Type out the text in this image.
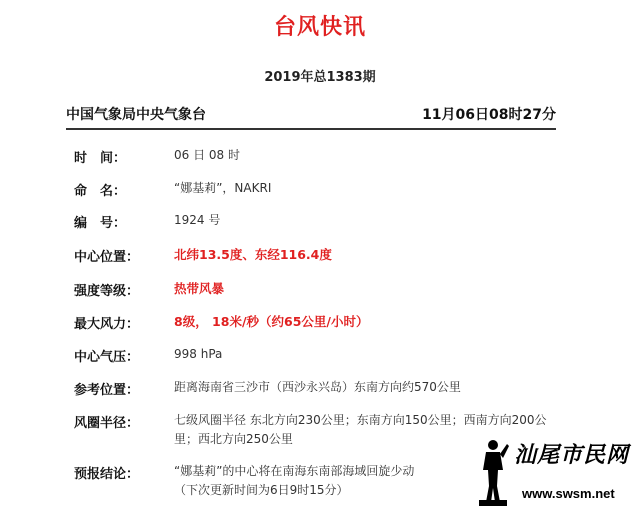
台风快讯
2019年总1383期
中国气象局中央气象台	11月06日08时27分
时　间：	06 日 08 时
命　名：	“娜基莉”，NAKRI
编　号：	1924 号
中心位置：	北纬13.5度、东经116.4度
强度等级：	热带风暴
最大风力：	8级， 18米/秒（约65公里/小时）
中心气压：	998 hPa
参考位置：	距离海南省三沙市（西沙永兴岛）东南方向约570公里
风圈半径：	七级风圈半径 东北方向230公里；东南方向150公里；西南方向200公里；西北方向250公里
预报结论：	“娜基莉”的中心将在南海东南部海域回旋少动
（下次更新时间为6日9时15分）
汕尾市民网
www.swsm.net
